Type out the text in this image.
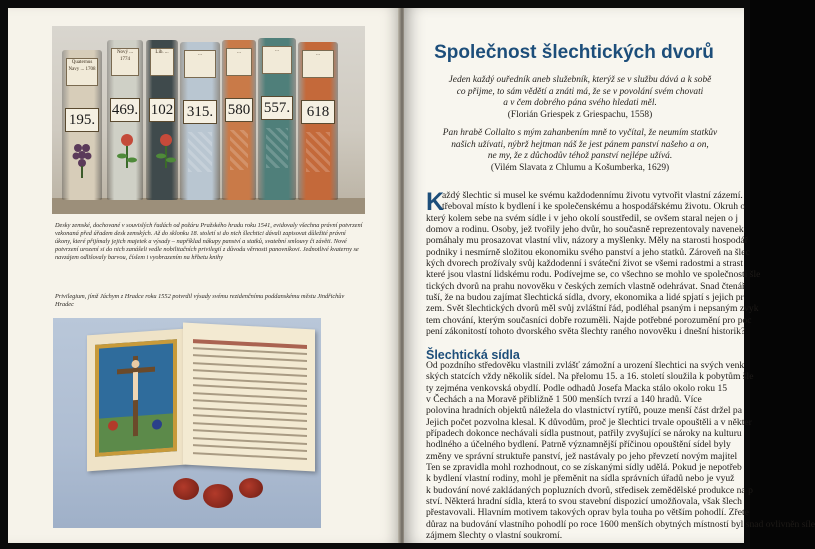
Společnost šlechtických dvorů
Jeden každý ouředník aneb služebník, kterýž se v službu dává a k sobě
co přijme, to sám vědětí a znáti má, že se v povolání svém chovati
a v čem dobrého pána svého hledati měl.
(Florián Griespek z Griespachu, 1558)
Pan hrabě Collalto s mým zahanbením mně to vyčítal, že neumím statkův
našich užívati, nýbrž hejtman náš že jest pánem panství našeho a on,
ne my, že z důchodův téhož panství nejlépe užívá.
(Vilém Slavata z Chlumu a Košumberka, 1629)
K
aždý šlechtic si musel ke svému každodennímu životu vytvořit vlastní zázemí.
třeboval místo k bydlení i ke společenskému a hospodářskému životu. Okruh o
který kolem sebe na svém sídle i v jeho okolí soustředil, se ovšem staral nejen o j
domov a rodinu. Osoby, jež tvořily jeho dvůr, ho současně reprezentovaly navenek,
pomáhaly mu prosazovat vlastní vliv, názory a myšlenky. Měly na starosti hospodář
podniky i nesmírně složitou ekonomiku svého panství a jeho statků. Zároveň na šlec
kých dvorech prožívaly svůj každodenní i sváteční život se všemi radostmi a strast
které jsou vlastní lidskému rodu. Podívejme se, co všechno se mohlo ve společnosti šle
tických dvorů na prahu novověku v českých zemích vlastně odehrávat. Snad čtenář
tuší, že na budou zajímat šlechtická sídla, dvory, ekonomika a lidé spjatí s jejich pr
zem. Svět šlechtických dvorů měl svůj zvláštní řád, podléhal psaným i nepsaným zvyk
tem chování, kterým současníci dobře rozuměli. Najde potřebné porozumění pro poc
pení zákonitostí tohoto dvorského světa šlechty raného novověku i dnešní historik?
Šlechtická sídla
Od pozdního středověku vlastnili zvlášť zámožní a urození šlechtici na svých venk
ských statcích vždy několik sídel. Na přelomu 15. a 16. století sloužila k pobytům šle
ty zejména venkovská obydlí. Podle odhadů Josefa Macka stálo okolo roku 15
v Čechách a na Moravě přibližně 1 500 menších tvrzí a 140 hradů. Více
polovina hradních objektů náležela do vlastnictví rytířů, pouze menší část držel pa
Jejich počet pozvolna klesal. K důvodům, proč je šlechtici trvale opouštěli a v někter
případech dokonce nechávali sídla pustnout, patřily zvyšující se nároky na kulturu
hodlného a účelného bydlení. Patrně významnější příčinou opouštění sídel byly
změny ve správní struktuře panství, jež nastávaly po jeho převzetí novým majitel
Ten se zpravidla mohl rozhodnout, co se získanými sídly udělá. Pokud je nepotřeb
k bydlení vlastní rodiny, mohl je přeměnit na sídla správních úřadů nebo je využ
k budování nové zakládaných popluzních dvorů, středisek zemědělské produkce na p
ství. Některá hradní sídla, která to svou stavební dispozicí umožňovala, však šlech
přestavovali. Hlavním motivem takových oprav byla touha po větším pohodlí. Zřete
důraz na budování vlastního pohodlí po roce 1600 menších obytných místností byl snad ovlivněn síle
zájmem šlechty o vlastní soukromí.
Quaternus Navy ... 1708
195.
Nový ... 1774
469.
Lib. ...
102
...
315.
...
580
...
557.
...
618
Desky zemské, dochované v souvislých řadách od požáru Pražského hradu roku 1541, evidovaly všechna právní potvrzení vzkonaná před úřadem desk zemských. Až do sklonku 18. století si do nich šlechtici dávali zapisovat důležité právní úkony, které přijímaly jejich majetek a výsady – například nákupy panství a statků, svatební smlouvy či závěti. Nové potvrzení urození si do nich zanášeli vedle nobilitačních privilegií z důvodu věrnosti panovníkovi. Jednotlivé kvaterny se navzájem odlišovaly barvou, číslem i vyobrazením na hřbetu knihy
Privilegium, jímž Jáchym z Hradce roku 1552 potvrdil výsady svému rezidenčnímu poddanskému městu Jindřichův Hradec
